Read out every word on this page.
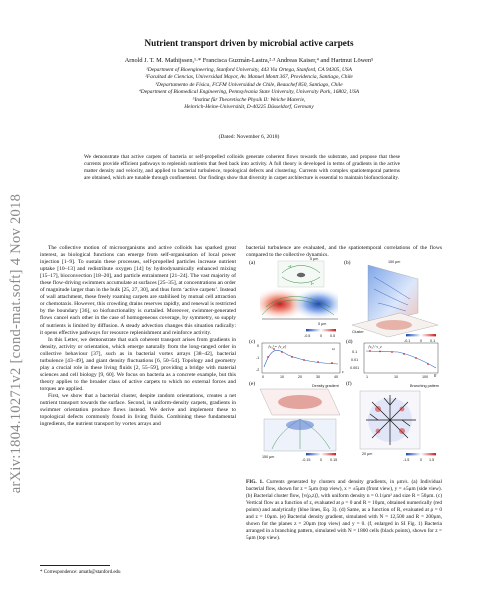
arXiv:1804.10271v2 [cond-mat.soft] 4 Nov 2018
Nutrient transport driven by microbial active carpets
Arnold J. T. M. Mathijssen,¹·* Francisca Guzmán-Lastra,²·³ Andreas Kaiser,⁴ and Hartmut Löwen⁵
¹Department of Bioengineering, Stanford University, 443 Via Ortega, Stanford, CA 94305, USA
²Facultad de Ciencias, Universidad Mayor, Av. Manuel Montt 367, Providencia, Santiago, Chile
³Departamento de Física, FCFM Universidad de Chile, Beauchef 850, Santiago, Chile
⁴Department of Biomedical Engineering, Pennsylvania State University, University Park, 16802, USA
⁵Institut für Theoretische Physik II: Weiche Materie,
Heinrich-Heine-Universität, D-40225 Düsseldorf, Germany
(Dated: November 6, 2018)
We demonstrate that active carpets of bacteria or self-propelled colloids generate coherent flows towards the substrate, and propose that these currents provide efficient pathways to replenish nutrients that feed back into activity. A full theory is developed in terms of gradients in the active matter density and velocity, and applied to bacterial turbulence, topological defects and clustering. Currents with complex spatiotemporal patterns are obtained, which are tunable through confinement. Our findings show that diversity in carpet architecture is essential to maintain biofunctionality.

The collective motion of microorganisms and active colloids has sparked great interest, as biological functions can emerge from self-organisation of local power injection [1–9]. To sustain these processes, self-propelled particles increase nutrient uptake [10–13] and redistribute oxygen [14] by hydrodynamically enhanced mixing [15–17], bioconvection [18–20], and particle entrainment [21–24]. The vast majority of these flow-driving swimmers accumulate at surfaces [25–35], at concentrations an order of magnitude larger than in the bulk [25, 27, 30], and thus form ‘active carpets’. Instead of wall attachment, these freely roaming carpets are stabilised by mutual cell attraction or chemotaxis. However, this crowding drains reserves rapidly, and renewal is restricted by the boundary [36], so biofunctionality is curtailed. Moreover, swimmer-generated flows cancel each other in the case of homogeneous coverage, by symmetry, so supply of nutrients is limited by diffusion. A steady advection changes this situation radically: it opens effective pathways for resource replenishment and reinforce activity.

In this Letter, we demonstrate that such coherent transport arises from gradients in density, activity or orientation, which emerge naturally from the long-ranged order in collective behaviour [37], such as in bacterial vortex arrays [38–42], bacterial turbulence [43–49], and giant density fluctuations [6, 50–54]. Topology and geometry play a crucial role in these living fluids [2, 55–59], providing a bridge with material sciences and cell biology [9, 60]. We focus on bacteria as a concrete example, but this theory applies to the broader class of active carpets to which no external forces and torques are applied.

First, we show that a bacterial cluster, despite random orientations, creates a net nutrient transport towards the surface. Second, in uniform-density carpets, gradients in swimmer orientation produce flows instead. We derive and implement these to topological defects commonly found in living fluids. Combining these fundamental ingredients, the nutrient transport by vortex arrays and

bacterial turbulence are evaluated, and the spatiotemporal correlations of the flows compared to the collective dynamics.

(a)
5 μm
5 μm
-0.5	0 0.5
(b)	150 μm
Cluster
-0.1	0 0.1
(c)
⟨vᵢ⟩ = ⟨v_z⟩	ω
0
-1
-2
0	10	20	30	40
z
(d)
⟨vᵢ⟩ / v_z
0.1
0.01
0.001
1	10	100 R
(e)	Density gradient
150 μm
-0.15	0 0.15
(f)	Branching pattern
20 μm
-1.5	0 1.5
FIG. 1. Currents generated by clusters and density gradients, in μm/s. (a) Individual bacterial flow, shown for z = 5μm (top view), x = ±5μm (front view), y = ±5μm (side view). (b) Bacterial cluster flow, ⟨v(ρ,z)⟩, with uniform density n = 0.1/μm² and size R = 50μm. (c) Vertical flow as a function of z, evaluated at ρ = 0 and R = 10μm, obtained numerically (red points) and analytically (blue lines, Eq. 3). (d) Same, as a function of R, evaluated at ρ = 0 and z = 10μm. (e) Bacterial density gradient, simulated with N = 12,500 and R = 200μm, shown for the planes z = 20μm (top view) and y = 0. (f, enlarged in SI Fig. 1) Bacteria arranged in a branching pattern, simulated with N = 1800 cells (black points), shown for z = 5μm (top view).
* Correspondence: amath@stanford.edu
